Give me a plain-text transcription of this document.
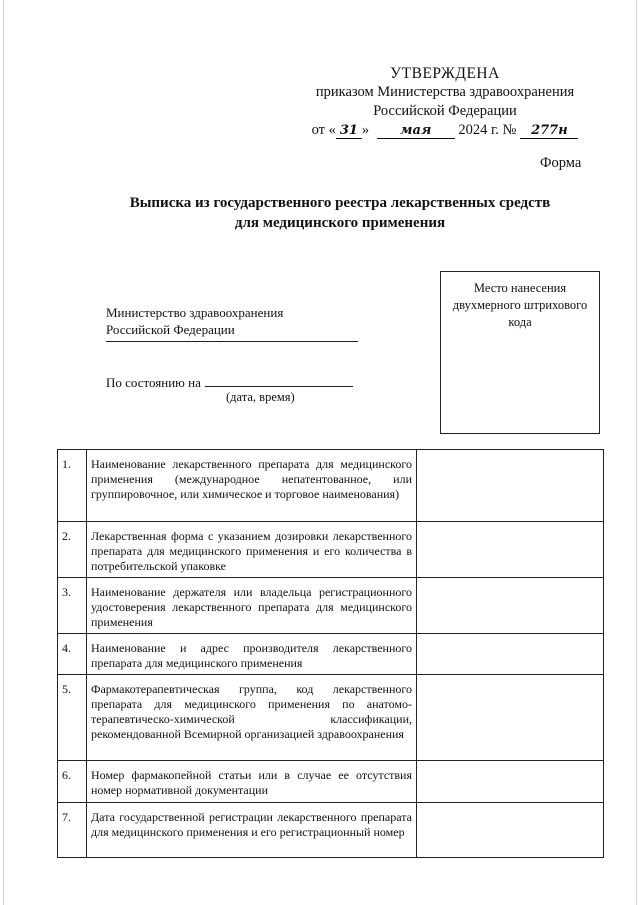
УТВЕРЖДЕНА
приказом Министерства здравоохранения
Российской Федерации
от « 31 » мая 2024 г. № 277н
Форма
Выписка из государственного реестра лекарственных средств
для медицинского применения
Место нанесения двухмерного штрихового кода
Министерство здравоохранения
Российской Федерации
По состоянию на
(дата, время)
1.	Наименование лекарственного препарата для медицинского применения (международное непатентованное, или группировочное, или химическое и торговое наименования)	
2.	Лекарственная форма с указанием дозировки лекарственного препарата для медицинского применения и его количества в потребительской упаковке	
3.	Наименование держателя или владельца регистрационного удостоверения лекарственного препарата для медицинского применения	
4.	Наименование и адрес производителя лекарственного препарата для медицинского применения	
5.	Фармакотерапевтическая группа, код лекарственного препарата для медицинского применения по анатомо-терапевтическо-химической классификации, рекомендованной Всемирной организацией здравоохранения	
6.	Номер фармакопейной статьи или в случае ее отсутствия номер нормативной документации	
7.	Дата государственной регистрации лекарственного препарата для медицинского применения и его регистрационный номер	
